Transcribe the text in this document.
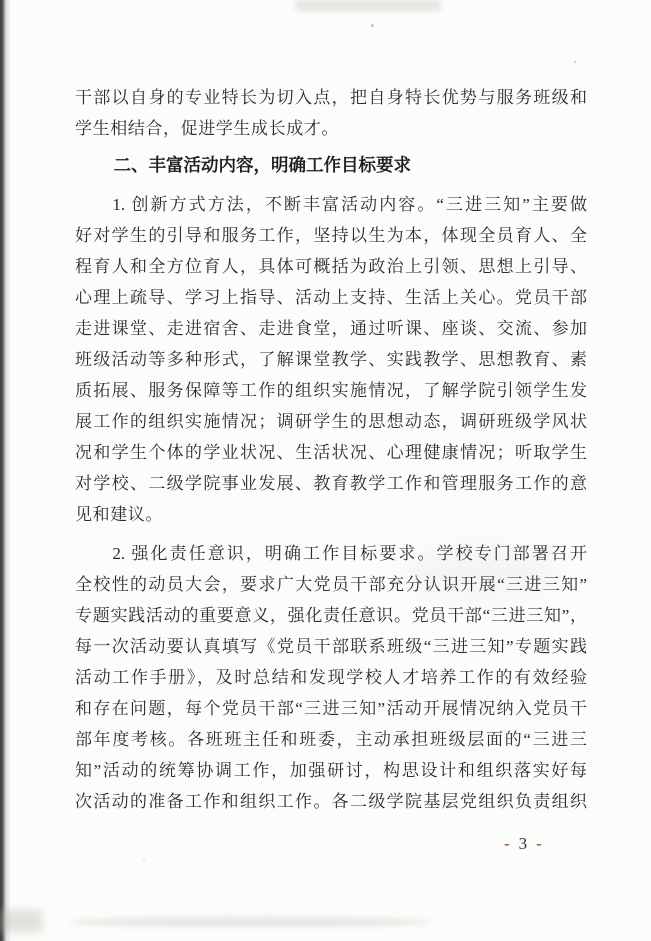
干部以自身的专业特长为切入点，把自身特长优势与服务班级和
学生相结合，促进学生成长成才。
二、丰富活动内容，明确工作目标要求
1. 创新方式方法，不断丰富活动内容。“三进三知”主要做
好对学生的引导和服务工作，坚持以生为本，体现全员育人、全
程育人和全方位育人，具体可概括为政治上引领、思想上引导、
心理上疏导、学习上指导、活动上支持、生活上关心。党员干部
走进课堂、走进宿舍、走进食堂，通过听课、座谈、交流、参加
班级活动等多种形式，了解课堂教学、实践教学、思想教育、素
质拓展、服务保障等工作的组织实施情况，了解学院引领学生发
展工作的组织实施情况；调研学生的思想动态，调研班级学风状
况和学生个体的学业状况、生活状况、心理健康情况；听取学生
对学校、二级学院事业发展、教育教学工作和管理服务工作的意
见和建议。
2. 强化责任意识，明确工作目标要求。学校专门部署召开
全校性的动员大会，要求广大党员干部充分认识开展“三进三知”
专题实践活动的重要意义，强化责任意识。党员干部“三进三知”，
每一次活动要认真填写《党员干部联系班级“三进三知”专题实践
活动工作手册》，及时总结和发现学校人才培养工作的有效经验
和存在问题，每个党员干部“三进三知”活动开展情况纳入党员干
部年度考核。各班班主任和班委，主动承担班级层面的“三进三
知”活动的统筹协调工作，加强研讨，构思设计和组织落实好每
次活动的准备工作和组织工作。各二级学院基层党组织负责组织
- 3 -
